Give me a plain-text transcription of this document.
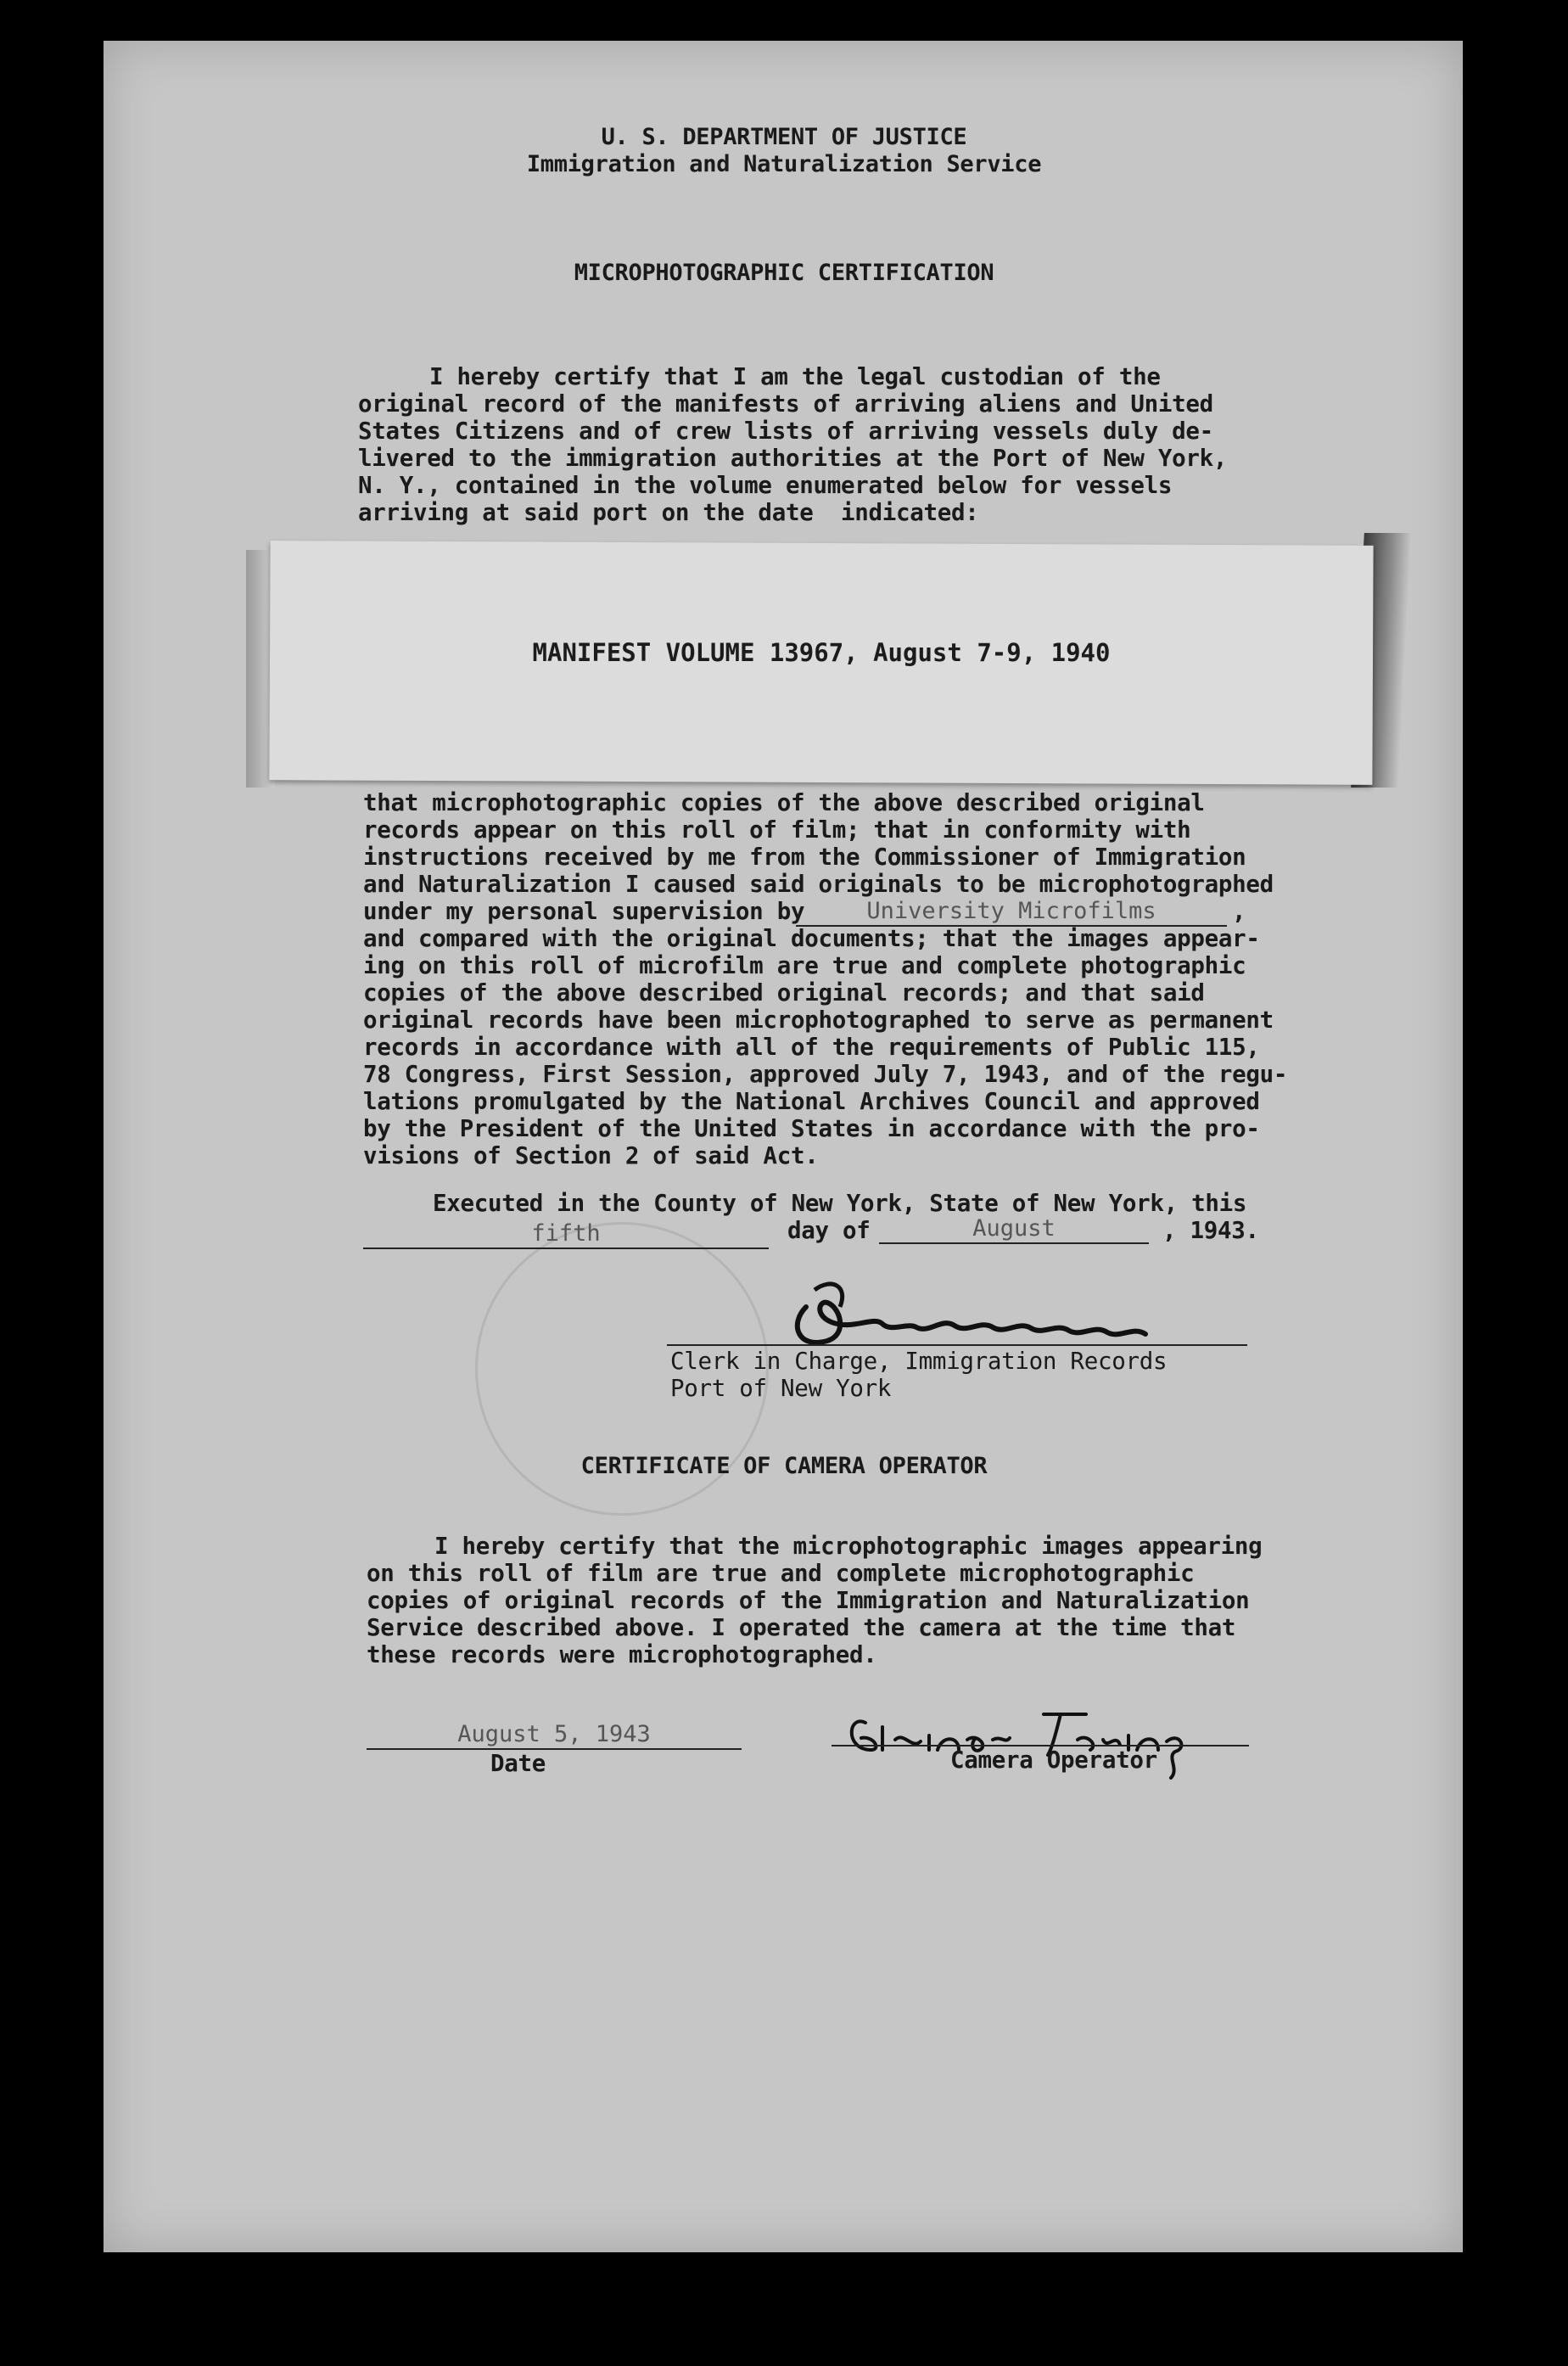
U. S. DEPARTMENT OF JUSTICE
Immigration and Naturalization Service
MICROPHOTOGRAPHIC CERTIFICATION
I hereby certify that I am the legal custodian of the
original record of the manifests of arriving aliens and United
States Citizens and of crew lists of arriving vessels duly de-
livered to the immigration authorities at the Port of New York,
N. Y., contained in the volume enumerated below for vessels
arriving at said port on the date  indicated:
MANIFEST VOLUME 13967, August 7-9, 1940
that microphotographic copies of the above described original
records appear on this roll of film; that in conformity with
instructions received by me from the Commissioner of Immigration
and Naturalization I caused said originals to be microphotographed
under my personal supervision by	University Microfilms	,
and compared with the original documents; that the images appear-
ing on this roll of microfilm are true and complete photographic
copies of the above described original records; and that said
original records have been microphotographed to serve as permanent
records in accordance with all of the requirements of Public 115,
78 Congress, First Session, approved July 7, 1943, and of the regu-
lations promulgated by the National Archives Council and approved
by the President of the United States in accordance with the pro-
visions of Section 2 of said Act.
Executed in the County of New York, State of New York, this
fifth	day of	August	, 1943.
Clerk in Charge, Immigration Records
Port of New York
CERTIFICATE OF CAMERA OPERATOR
I hereby certify that the microphotographic images appearing
on this roll of film are true and complete microphotographic
copies of original records of the Immigration and Naturalization
Service described above. I operated the camera at the time that
these records were microphotographed.
August 5, 1943
Date	Camera Operator
